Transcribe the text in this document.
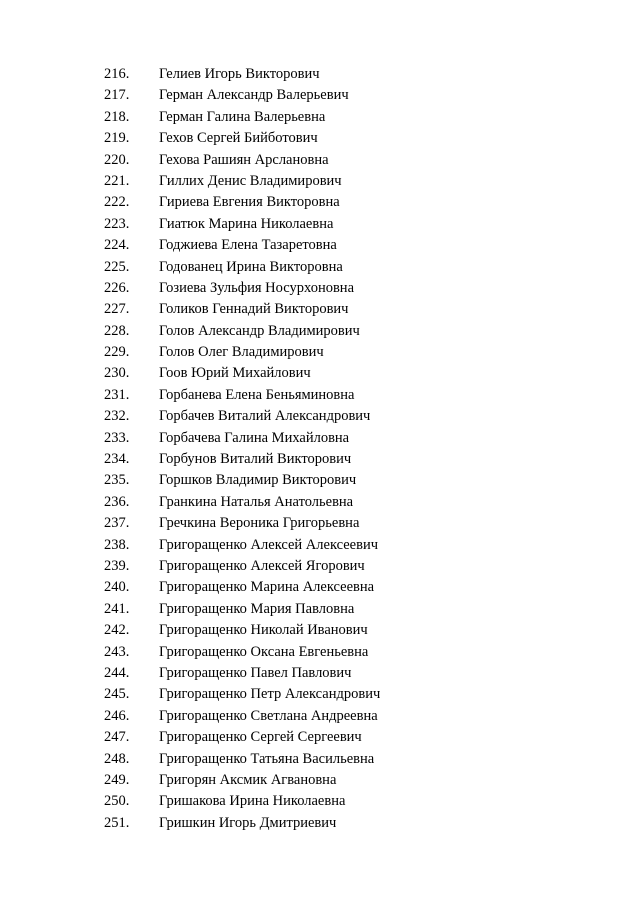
216. Гелиев Игорь Викторович
217. Герман Александр Валерьевич
218. Герман Галина Валерьевна
219. Гехов Сергей Бийботович
220. Гехова Рашиян Арслановна
221. Гиллих Денис Владимирович
222. Гириева Евгения Викторовна
223. Гиатюк Марина Николаевна
224. Годжиева Елена Тазаретовна
225. Годованец Ирина Викторовна
226. Гозиева Зульфия Носурхоновна
227. Голиков Геннадий Викторович
228. Голов Александр Владимирович
229. Голов Олег Владимирович
230. Гоов Юрий Михайлович
231. Горбанева Елена Беньяминовна
232. Горбачев Виталий Александрович
233. Горбачева Галина Михайловна
234. Горбунов Виталий Викторович
235. Горшков Владимир Викторович
236. Гранкина Наталья Анатольевна
237. Гречкина Вероника Григорьевна
238. Григоращенко Алексей Алексеевич
239. Григоращенко Алексей Ягорович
240. Григоращенко Марина Алексеевна
241. Григоращенко Мария Павловна
242. Григоращенко Николай Иванович
243. Григоращенко Оксана Евгеньевна
244. Григоращенко Павел Павлович
245. Григоращенко Петр Александрович
246. Григоращенко Светлана Андреевна
247. Григоращенко Сергей Сергеевич
248. Григоращенко Татьяна Васильевна
249. Григорян Аксмик Агвановна
250. Гришакова Ирина Николаевна
251. Гришкин Игорь Дмитриевич
